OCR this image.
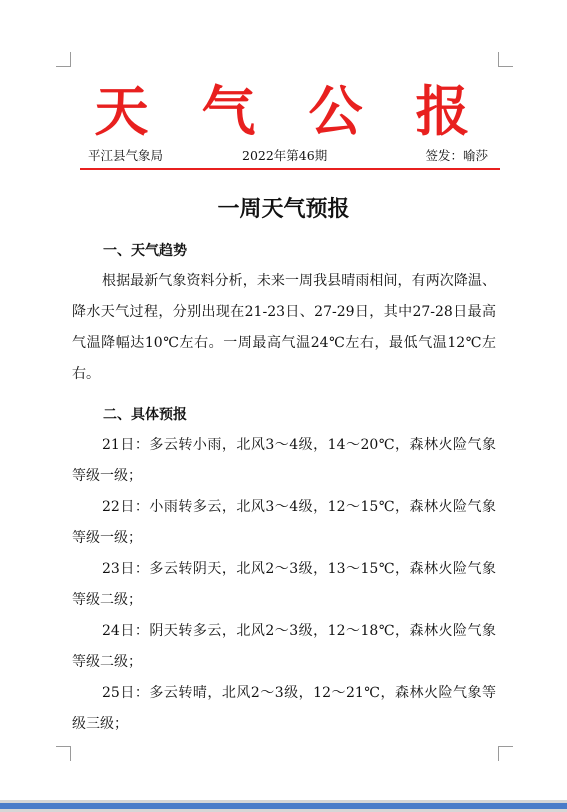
天 气 公 报
平江县气象局	2022年第46期	签发：喻莎
一周天气预报
一、天气趋势

根据最新气象资料分析，未来一周我县晴雨相间，有两次降温、降水天气过程，分别出现在21-23日、27-29日，其中27-28日最高气温降幅达10℃左右。一周最高气温24℃左右，最低气温12℃左右。

二、具体预报

21日：多云转小雨，北风3～4级，14～20℃，森林火险气象等级一级；

22日：小雨转多云，北风3～4级，12～15℃，森林火险气象等级一级；

23日：多云转阴天，北风2～3级，13～15℃，森林火险气象等级二级；

24日：阴天转多云，北风2～3级，12～18℃，森林火险气象等级二级；

25日：多云转晴，北风2～3级，12～21℃，森林火险气象等级三级；
